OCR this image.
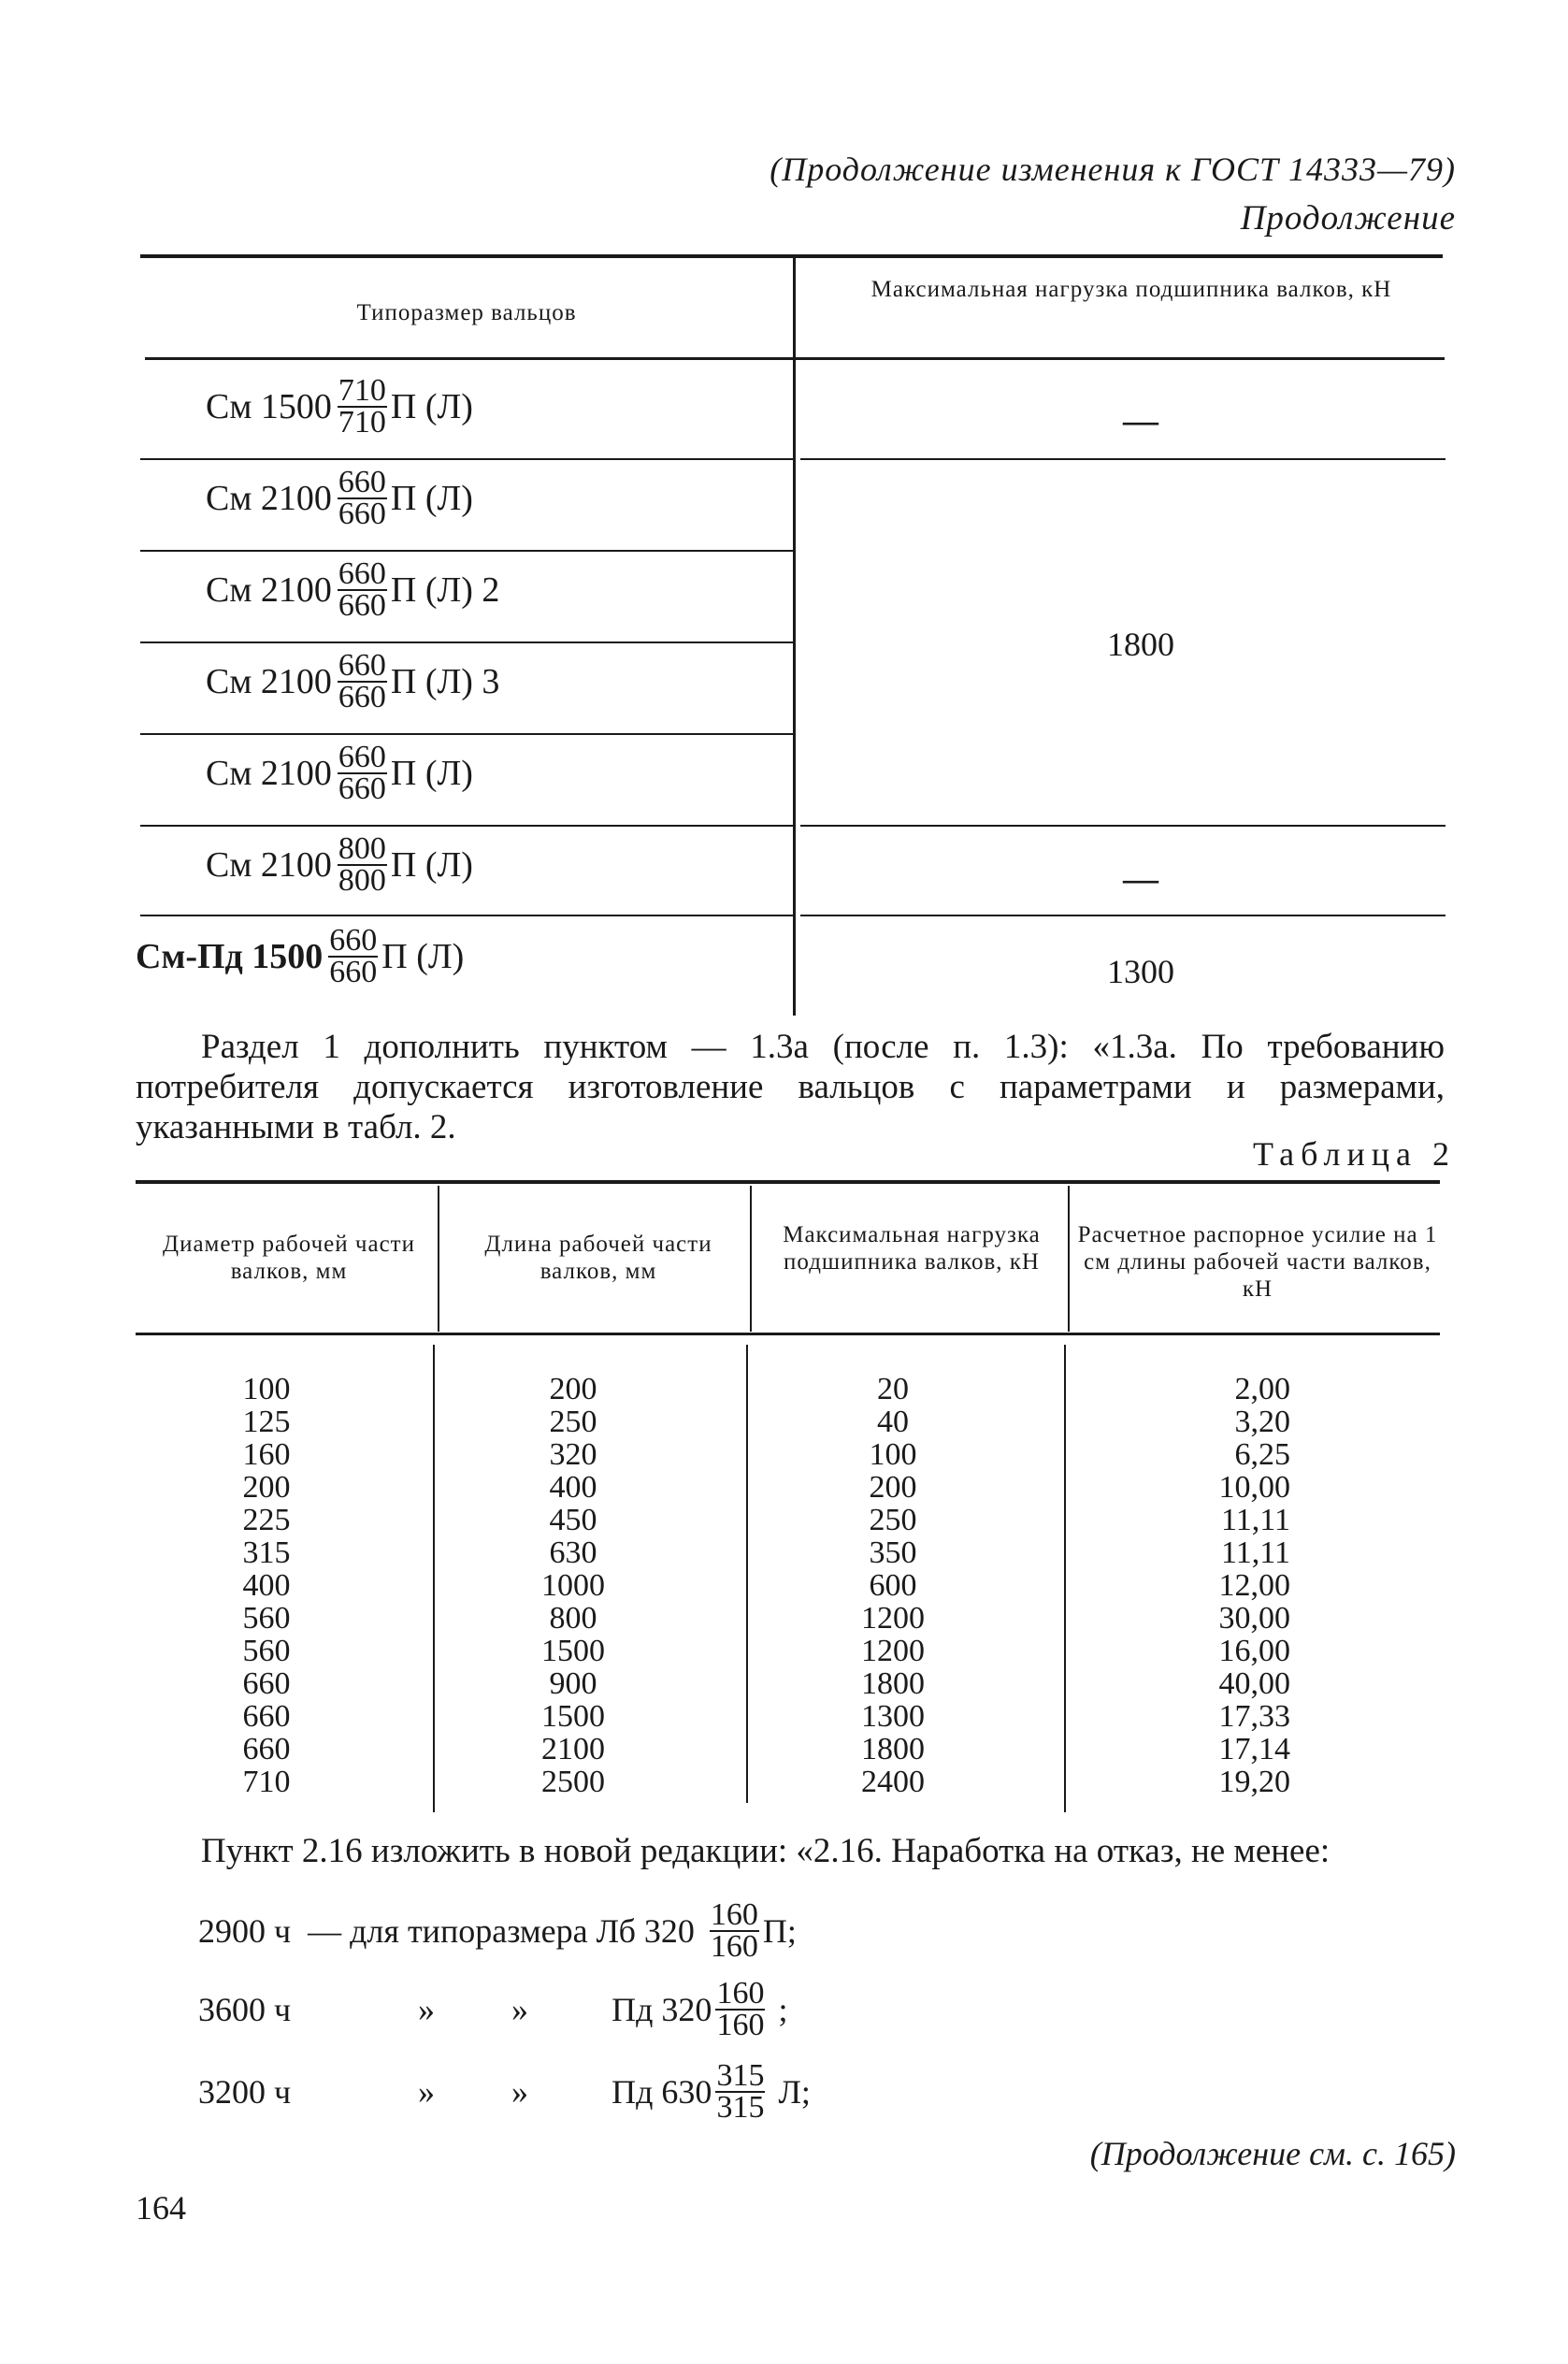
(Продолжение изменения к ГОСТ 14333—79)
Продолжение
Типоразмер вальцов
Максимальная нагрузка подшипника валков, кН
См $1500 \frac{710}{710}$ П (Л)
См $2100 \frac{660}{660}$ П (Л)
См $2100 \frac{660}{660}$ П (Л) 2
См $2100 \frac{660}{660}$ П (Л) 3
См $2100 \frac{660}{660}$ П (Л)
См $2100 \frac{800}{800}$ П (Л)
См-Пд $1500 \frac{660}{660}$ П (Л)
—
1800
—
1300
Раздел 1 дополнить пунктом — 1.3а (после п. 1.3): «1.3а. По требованию потребителя допускается изготовление вальцов с параметрами и размерами, указанными в табл. 2.
Таблица 2
Диаметр рабочей части валков, мм
Длина рабочей части валков, мм
Максимальная нагрузка подшипника валков, кН
Расчетное распорное усилие на 1 см длины рабочей части валков, кН
100
125
160
200
225
315
400
560
560
660
660
660
710
200
250
320
400
450
630
1000
800
1500
900
1500
2100
2500
20
40
100
200
250
350
600
1200
1200
1800
1300
1800
2400
2,00
3,20
6,25
10,00
11,11
11,11
12,00
30,00
16,00
40,00
17,33
17,14
19,20
Пункт 2.16 изложить в новой редакции: «2.16. Наработка на отказ, не менее:
2900 ч — для типоразмера Лб $320 \frac{160}{160} П$;
3600 ч	» » Пд $320 \frac{160}{160}$ ;
3200 ч	» » Пд $630 \frac{315}{315} Л$;
(Продолжение см. с. 165)
164
